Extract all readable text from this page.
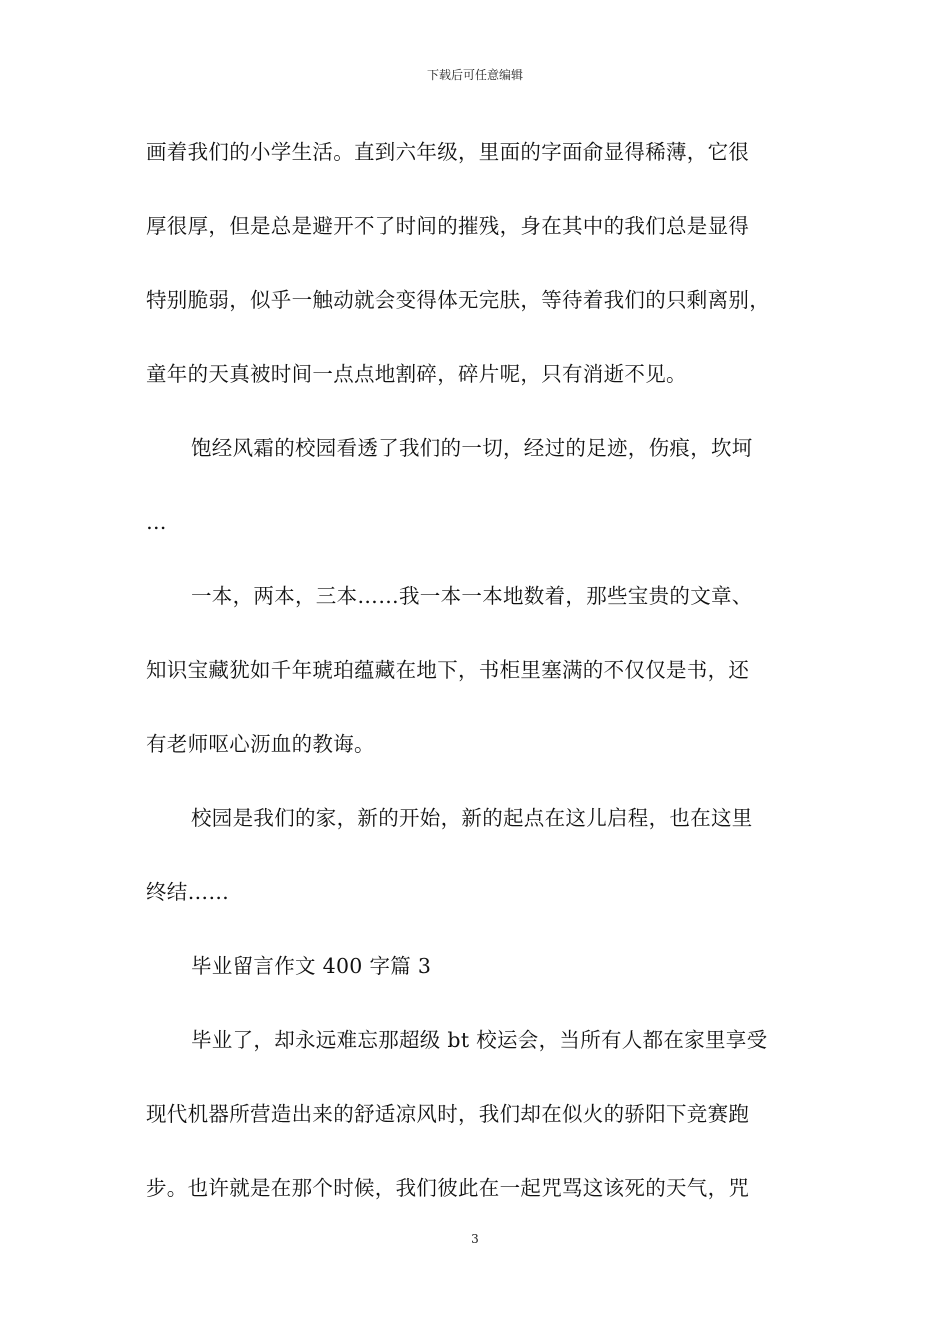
下载后可任意编辑
画着我们的小学生活。直到六年级，里面的字面俞显得稀薄，它很
厚很厚，但是总是避开不了时间的摧残，身在其中的我们总是显得
特别脆弱，似乎一触动就会变得体无完肤，等待着我们的只剩离别，
童年的天真被时间一点点地割碎，碎片呢，只有消逝不见。
饱经风霜的校园看透了我们的一切，经过的足迹，伤痕，坎坷
…
一本，两本，三本……我一本一本地数着，那些宝贵的文章、
知识宝藏犹如千年琥珀蕴藏在地下，书柜里塞满的不仅仅是书，还
有老师呕心沥血的教诲。
校园是我们的家，新的开始，新的起点在这儿启程，也在这里
终结……
毕业留言作文 400 字篇 3
毕业了，却永远难忘那超级 bt 校运会，当所有人都在家里享受
现代机器所营造出来的舒适凉风时，我们却在似火的骄阳下竞赛跑
步。也许就是在那个时候，我们彼此在一起咒骂这该死的天气，咒
3
